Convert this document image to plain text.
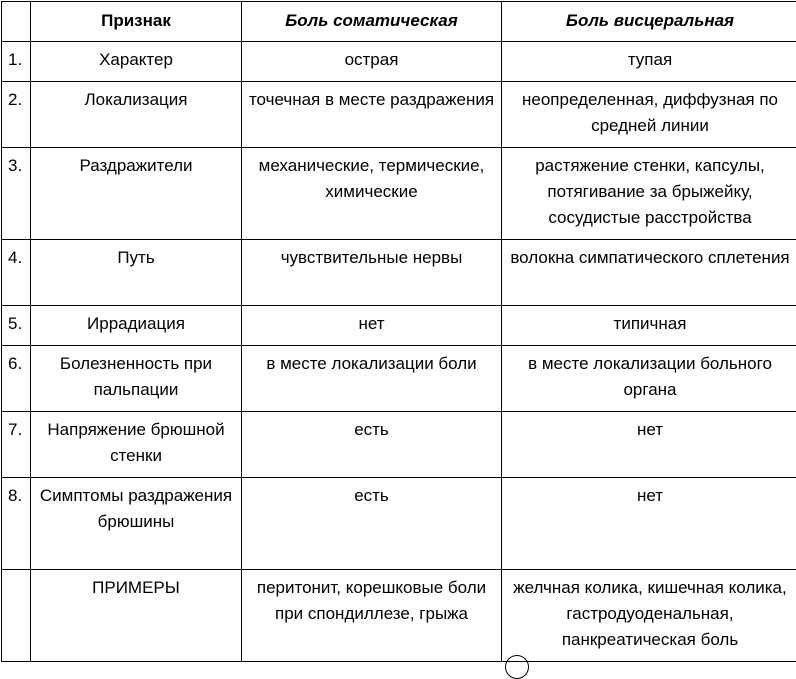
	Признак	Боль соматическая	Боль висцеральная
1.	Характер	острая	тупая
2.	Локализация	точечная в месте раздражения	неопределенная, диффузная по средней линии
3.	Раздражители	механические, термические, химические	растяжение стенки, капсулы, потягивание за брыжейку, сосудистые расстройства
4.	Путь	чувствительные нервы	волокна симпатического сплетения
5.	Иррадиация	нет	типичная
6.	Болезненность при пальпации	в месте локализации боли	в месте локализации больного органа
7.	Напряжение брюшной стенки	есть	нет
8.	Симптомы раздражения брюшины	есть	нет
	ПРИМЕРЫ	перитонит, корешковые боли при спондиллезе, грыжа	желчная колика, кишечная колика, гастродуоденальная, панкреатическая боль
